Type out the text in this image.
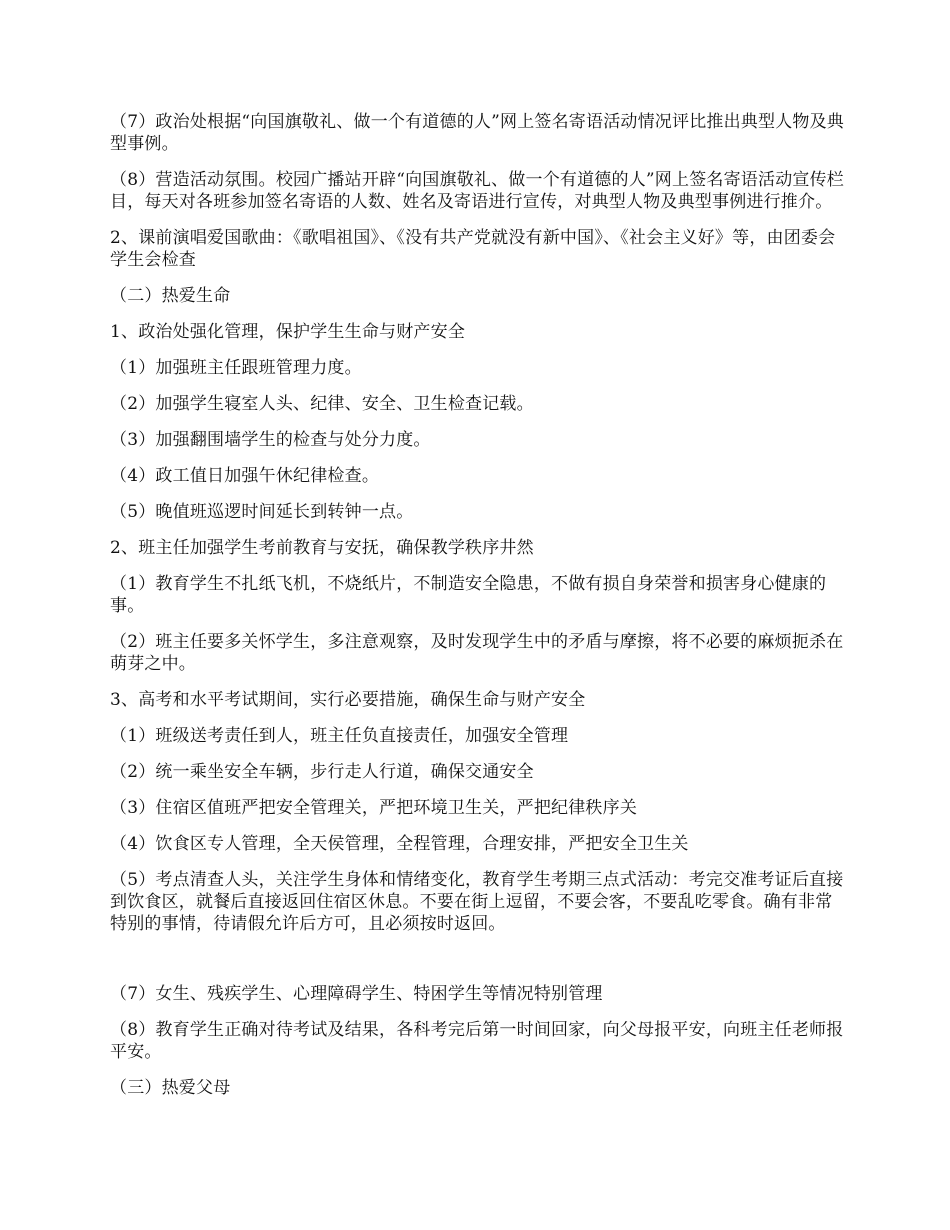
（7）政治处根据“向国旗敬礼、做一个有道德的人”网上签名寄语活动情况评比推出典型人物及典型事例。

（8）营造活动氛围。校园广播站开辟“向国旗敬礼、做一个有道德的人”网上签名寄语活动宣传栏目，每天对各班参加签名寄语的人数、姓名及寄语进行宣传，对典型人物及典型事例进行推介。

2、课前演唱爱国歌曲：《歌唱祖国》、《没有共产党就没有新中国》、《社会主义好》等，由团委会学生会检查

（二）热爱生命

1、政治处强化管理，保护学生生命与财产安全

（1）加强班主任跟班管理力度。

（2）加强学生寝室人头、纪律、安全、卫生检查记载。

（3）加强翻围墙学生的检查与处分力度。

（4）政工值日加强午休纪律检查。

（5）晚值班巡逻时间延长到转钟一点。

2、班主任加强学生考前教育与安抚，确保教学秩序井然

（1）教育学生不扎纸飞机，不烧纸片，不制造安全隐患，不做有损自身荣誉和损害身心健康的事。

（2）班主任要多关怀学生，多注意观察，及时发现学生中的矛盾与摩擦，将不必要的麻烦扼杀在萌芽之中。

3、高考和水平考试期间，实行必要措施，确保生命与财产安全

（1）班级送考责任到人，班主任负直接责任，加强安全管理

（2）统一乘坐安全车辆，步行走人行道，确保交通安全

（3）住宿区值班严把安全管理关，严把环境卫生关，严把纪律秩序关

（4）饮食区专人管理，全天侯管理，全程管理，合理安排，严把安全卫生关

（5）考点清查人头，关注学生身体和情绪变化，教育学生考期三点式活动：考完交准考证后直接到饮食区，就餐后直接返回住宿区休息。不要在街上逗留，不要会客，不要乱吃零食。确有非常特别的事情，待请假允许后方可，且必须按时返回。

（7）女生、残疾学生、心理障碍学生、特困学生等情况特别管理

（8）教育学生正确对待考试及结果，各科考完后第一时间回家，向父母报平安，向班主任老师报平安。

（三）热爱父母
